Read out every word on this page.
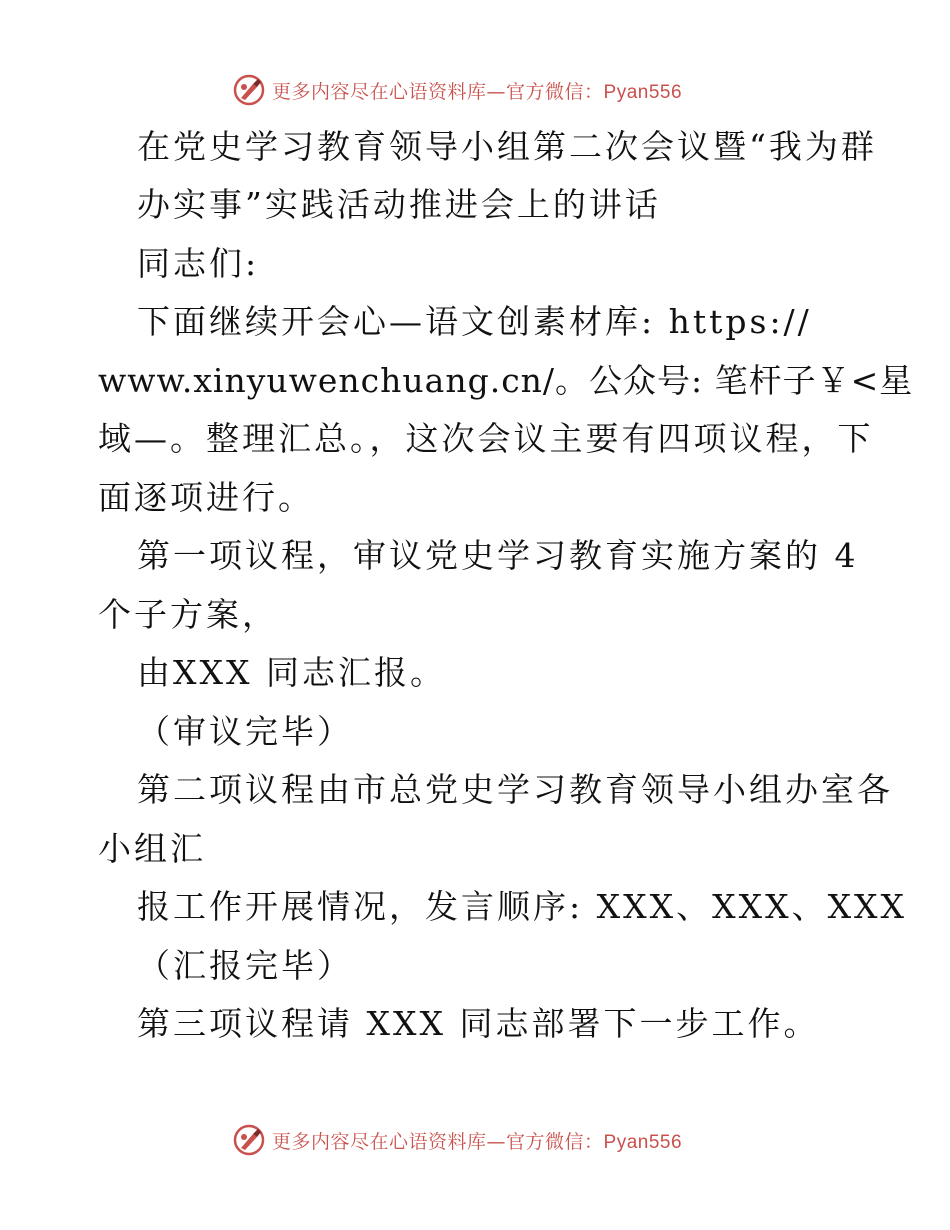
更多内容尽在心语资料库—官方微信：Pyan556
在党史学习教育领导小组第二次会议暨“我为群
办实事”实践活动推进会上的讲话
同志们:
下面继续开会心—语文创素材库: https://
www.xinyuwenchuang.cn/。公众号: 笔杆子￥<星
域—。整理汇总。，这次会议主要有四项议程，下
面逐项进行。
第一项议程，审议党史学习教育实施方案的 4
个子方案，
由XXX 同志汇报。
（审议完毕）
第二项议程由市总党史学习教育领导小组办室各
小组汇
报工作开展情况，发言顺序: XXX、XXX、XXX
（汇报完毕）
第三项议程请 XXX 同志部署下一步工作。
更多内容尽在心语资料库—官方微信：Pyan556
